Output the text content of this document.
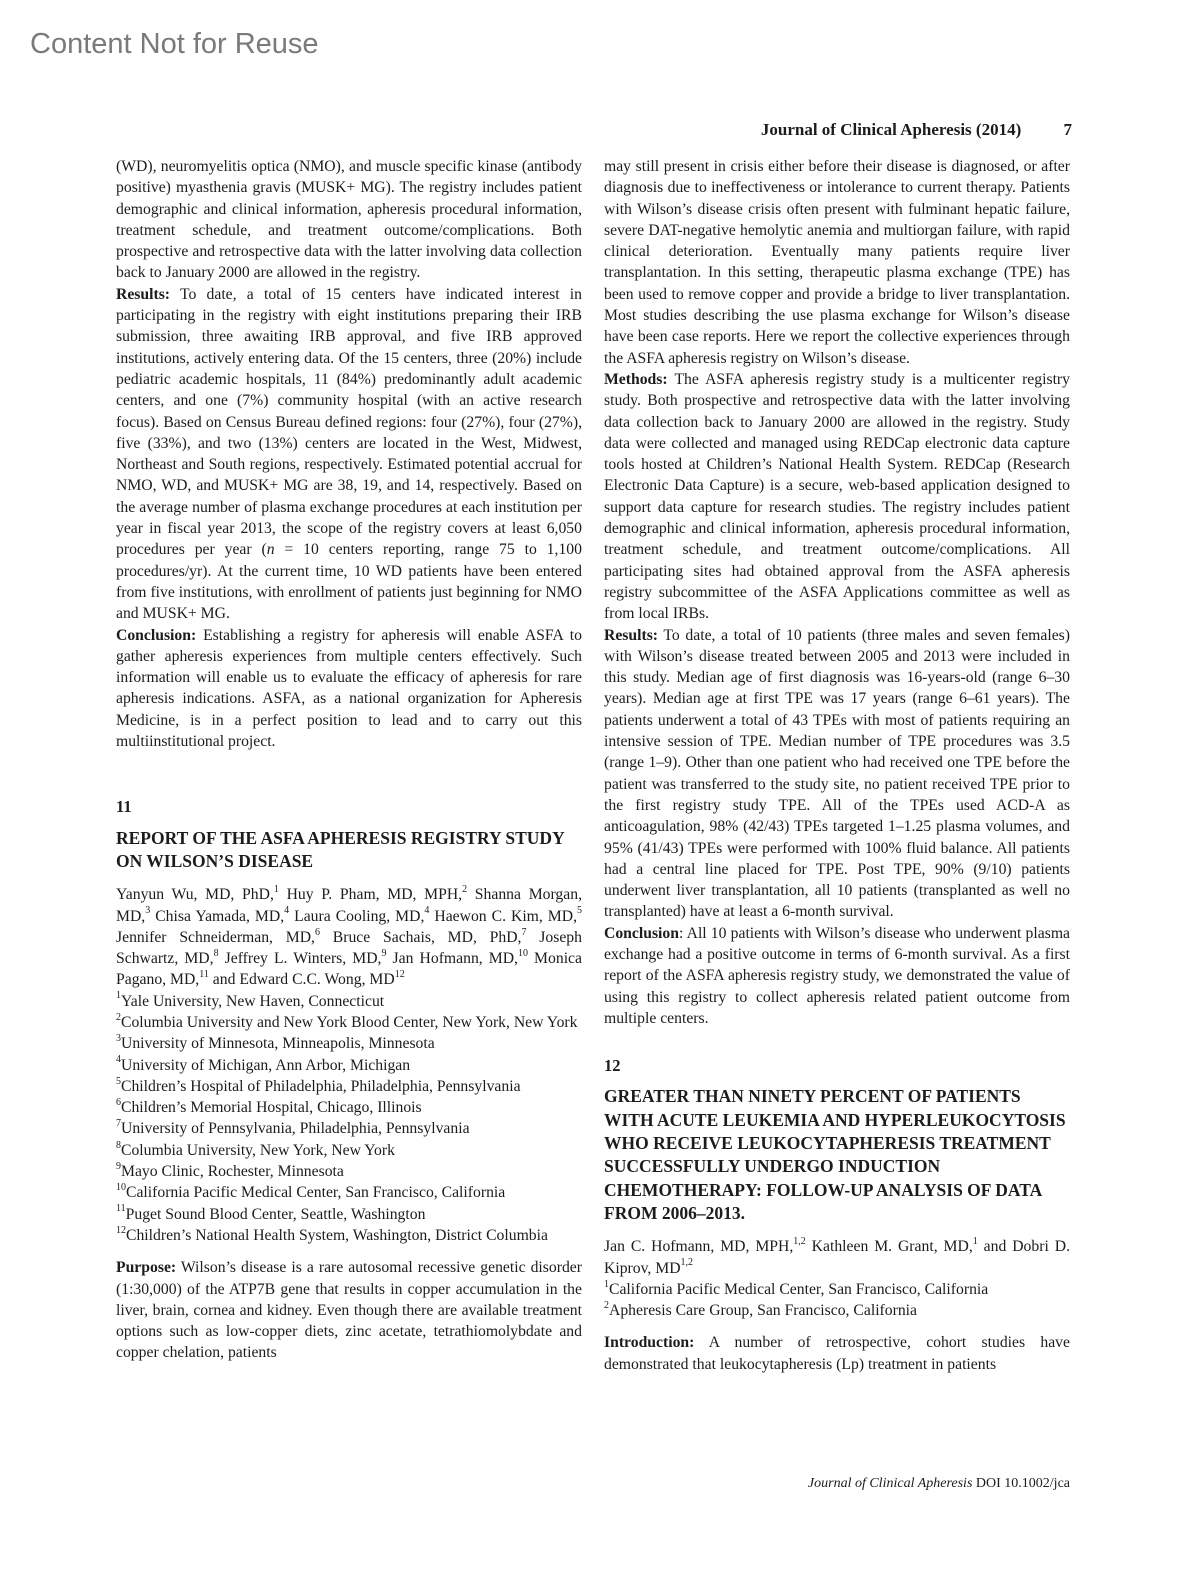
Content Not for Reuse
Journal of Clinical Apheresis (2014) 7

(WD), neuromyelitis optica (NMO), and muscle specific kinase (antibody positive) myasthenia gravis (MUSK+ MG). The registry includes patient demographic and clinical information, apheresis procedural information, treatment schedule, and treatment outcome/complications. Both prospective and retrospective data with the latter involving data collection back to January 2000 are allowed in the registry.

Results: To date, a total of 15 centers have indicated interest in participating in the registry with eight institutions preparing their IRB submission, three awaiting IRB approval, and five IRB approved institutions, actively entering data. Of the 15 centers, three (20%) include pediatric academic hospitals, 11 (84%) predominantly adult academic centers, and one (7%) community hospital (with an active research focus). Based on Census Bureau defined regions: four (27%), four (27%), five (33%), and two (13%) centers are located in the West, Midwest, Northeast and South regions, respectively. Estimated potential accrual for NMO, WD, and MUSK+ MG are 38, 19, and 14, respectively. Based on the average number of plasma exchange procedures at each institution per year in fiscal year 2013, the scope of the registry covers at least 6,050 procedures per year (n = 10 centers reporting, range 75 to 1,100 procedures/yr). At the current time, 10 WD patients have been entered from five institutions, with enrollment of patients just beginning for NMO and MUSK+ MG.

Conclusion: Establishing a registry for apheresis will enable ASFA to gather apheresis experiences from multiple centers effectively. Such information will enable us to evaluate the efficacy of apheresis for rare apheresis indications. ASFA, as a national organization for Apheresis Medicine, is in a perfect position to lead and to carry out this multiinstitutional project.

11
REPORT OF THE ASFA APHERESIS REGISTRY STUDY ON WILSON’S DISEASE

Yanyun Wu, MD, PhD,$^1$ Huy P. Pham, MD, MPH,$^2$ Shanna Morgan, MD,$^3$ Chisa Yamada, MD,$^4$ Laura Cooling, MD,$^4$ Haewon C. Kim, MD,$^5$ Jennifer Schneiderman, MD,$^6$ Bruce Sachais, MD, PhD,$^7$ Joseph Schwartz, MD,$^8$ Jeffrey L. Winters, MD,$^9$ Jan Hofmann, MD,$^{10}$ Monica Pagano, MD,$^{11}$ and Edward C.C. Wong, MD$^{12}$

$^1$Yale University, New Haven, Connecticut

$^2$Columbia University and New York Blood Center, New York, New York

$^3$University of Minnesota, Minneapolis, Minnesota

$^4$University of Michigan, Ann Arbor, Michigan

$^5$Children’s Hospital of Philadelphia, Philadelphia, Pennsylvania

$^6$Children’s Memorial Hospital, Chicago, Illinois

$^7$University of Pennsylvania, Philadelphia, Pennsylvania

$^8$Columbia University, New York, New York

$^9$Mayo Clinic, Rochester, Minnesota

$^{10}$California Pacific Medical Center, San Francisco, California

$^{11}$Puget Sound Blood Center, Seattle, Washington

$^{12}$Children’s National Health System, Washington, District Columbia

Purpose: Wilson’s disease is a rare autosomal recessive genetic disorder (1:30,000) of the ATP7B gene that results in copper accumulation in the liver, brain, cornea and kidney. Even though there are available treatment options such as low-copper diets, zinc acetate, tetrathiomolybdate and copper chelation, patients

may still present in crisis either before their disease is diagnosed, or after diagnosis due to ineffectiveness or intolerance to current therapy. Patients with Wilson’s disease crisis often present with fulminant hepatic failure, severe DAT-negative hemolytic anemia and multiorgan failure, with rapid clinical deterioration. Eventually many patients require liver transplantation. In this setting, therapeutic plasma exchange (TPE) has been used to remove copper and provide a bridge to liver transplantation. Most studies describing the use plasma exchange for Wilson’s disease have been case reports. Here we report the collective experiences through the ASFA apheresis registry on Wilson’s disease.

Methods: The ASFA apheresis registry study is a multicenter registry study. Both prospective and retrospective data with the latter involving data collection back to January 2000 are allowed in the registry. Study data were collected and managed using REDCap electronic data capture tools hosted at Children’s National Health System. REDCap (Research Electronic Data Capture) is a secure, web-based application designed to support data capture for research studies. The registry includes patient demographic and clinical information, apheresis procedural information, treatment schedule, and treatment outcome/complications. All participating sites had obtained approval from the ASFA apheresis registry subcommittee of the ASFA Applications committee as well as from local IRBs.

Results: To date, a total of 10 patients (three males and seven females) with Wilson’s disease treated between 2005 and 2013 were included in this study. Median age of first diagnosis was 16-years-old (range 6–30 years). Median age at first TPE was 17 years (range 6–61 years). The patients underwent a total of 43 TPEs with most of patients requiring an intensive session of TPE. Median number of TPE procedures was 3.5 (range 1–9). Other than one patient who had received one TPE before the patient was transferred to the study site, no patient received TPE prior to the first registry study TPE. All of the TPEs used ACD-A as anticoagulation, 98% (42/43) TPEs targeted 1–1.25 plasma volumes, and 95% (41/43) TPEs were performed with 100% fluid balance. All patients had a central line placed for TPE. Post TPE, 90% (9/10) patients underwent liver transplantation, all 10 patients (transplanted as well no transplanted) have at least a 6-month survival.

Conclusion: All 10 patients with Wilson’s disease who underwent plasma exchange had a positive outcome in terms of 6-month survival. As a first report of the ASFA apheresis registry study, we demonstrated the value of using this registry to collect apheresis related patient outcome from multiple centers.

12
GREATER THAN NINETY PERCENT OF PATIENTS WITH ACUTE LEUKEMIA AND HYPERLEUKOCYTOSIS WHO RECEIVE LEUKOCYTAPHERESIS TREATMENT SUCCESSFULLY UNDERGO INDUCTION CHEMOTHERAPY: FOLLOW-UP ANALYSIS OF DATA FROM 2006–2013.

Jan C. Hofmann, MD, MPH,$^{1,2}$ Kathleen M. Grant, MD,$^1$ and Dobri D. Kiprov, MD$^{1,2}$

$^1$California Pacific Medical Center, San Francisco, California

$^2$Apheresis Care Group, San Francisco, California

Introduction: A number of retrospective, cohort studies have demonstrated that leukocytapheresis (Lp) treatment in patients

Journal of Clinical Apheresis DOI 10.1002/jca
